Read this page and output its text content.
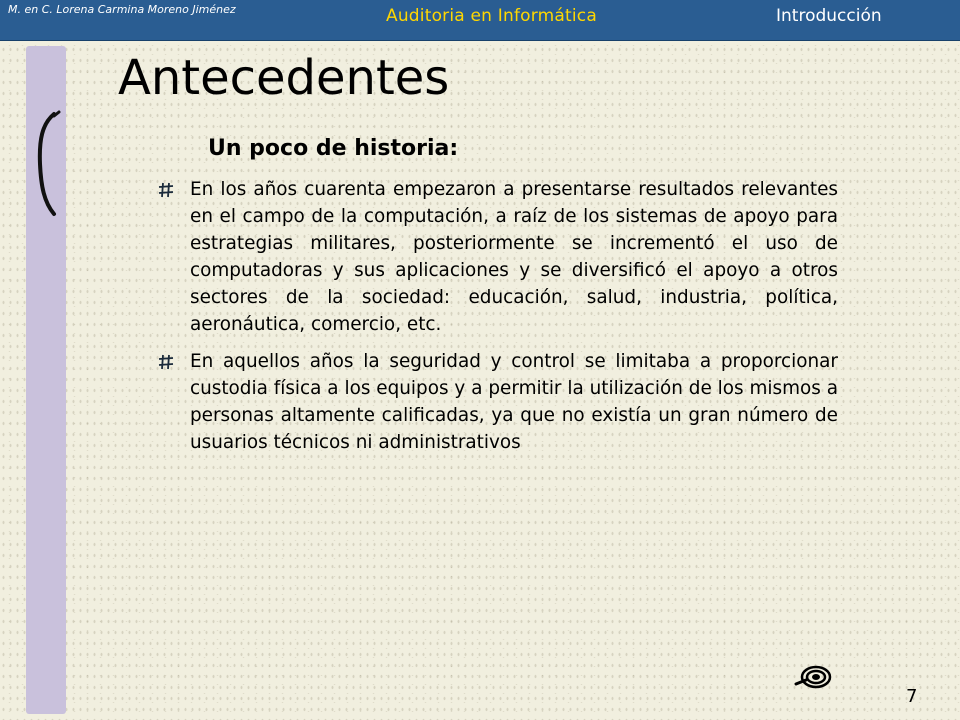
M. en C. Lorena Carmina Moreno Jiménez	Auditoria en Informática	Introducción
Antecedentes
Un poco de historia:
En los años cuarenta empezaron a presentarse resultados relevantes en el campo de la computación, a raíz de los sistemas de apoyo para estrategias militares, posteriormente se incrementó el uso de computadoras y sus aplicaciones y se diversificó el apoyo a otros sectores de la sociedad: educación, salud, industria, política, aeronáutica, comercio, etc.
En aquellos años la seguridad y control se limitaba a proporcionar custodia física a los equipos y a permitir la utilización de los mismos a personas altamente calificadas, ya que no existía un gran número de usuarios técnicos ni administrativos
7
